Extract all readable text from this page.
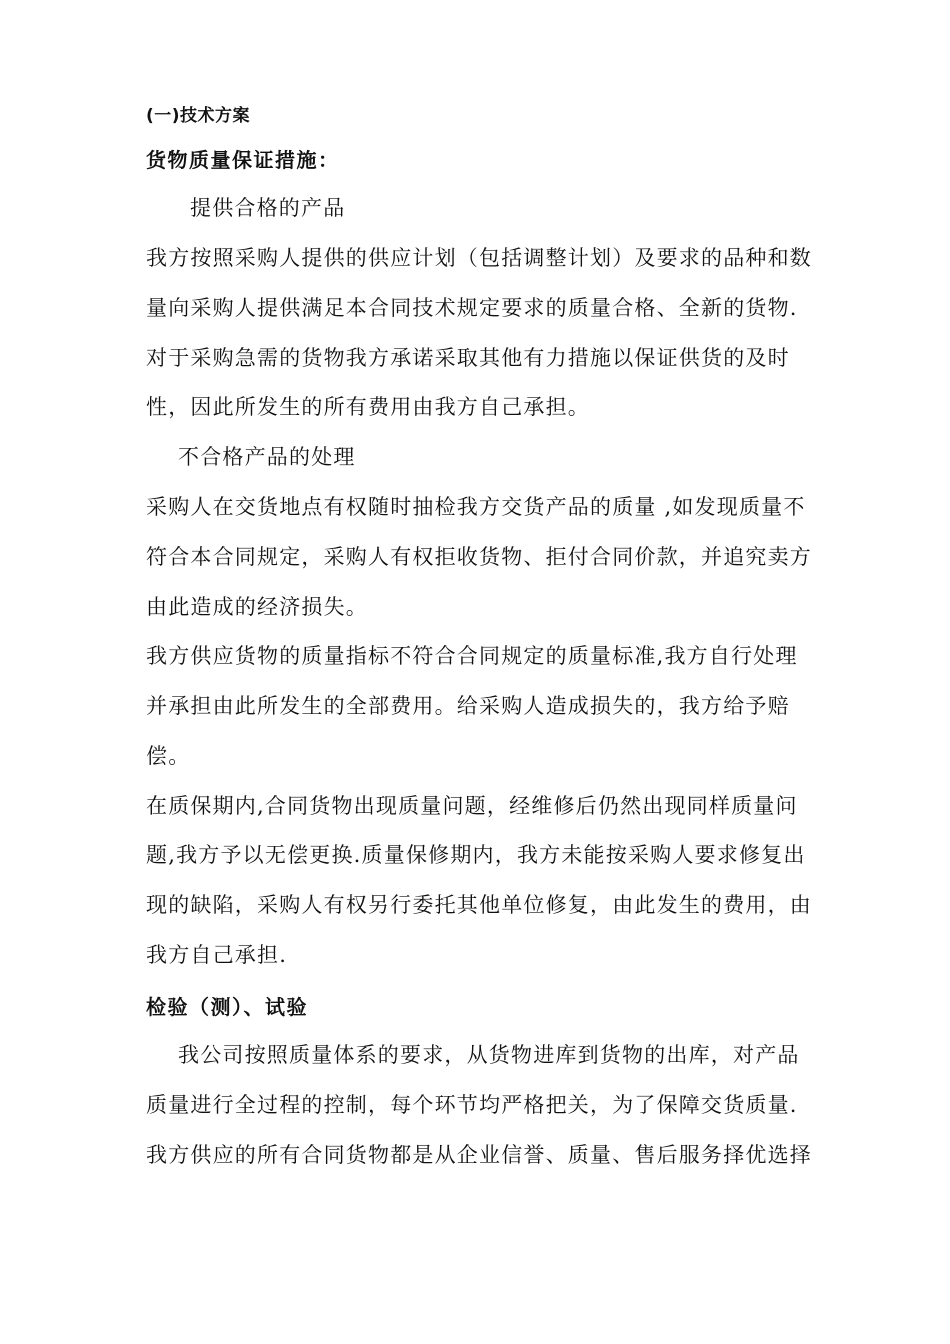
(一)技术方案
货物质量保证措施：
提供合格的产品
我方按照采购人提供的供应计划（包括调整计划）及要求的品种和数
量向采购人提供满足本合同技术规定要求的质量合格、全新的货物.
对于采购急需的货物我方承诺采取其他有力措施以保证供货的及时
性，因此所发生的所有费用由我方自己承担。
不合格产品的处理
采购人在交货地点有权随时抽检我方交货产品的质量 ,如发现质量不
符合本合同规定，采购人有权拒收货物、拒付合同价款，并追究卖方
由此造成的经济损失。
我方供应货物的质量指标不符合合同规定的质量标准,我方自行处理
并承担由此所发生的全部费用。给采购人造成损失的，我方给予赔
偿。
在质保期内,合同货物出现质量问题，经维修后仍然出现同样质量问
题,我方予以无偿更换.质量保修期内，我方未能按采购人要求修复出
现的缺陷，采购人有权另行委托其他单位修复，由此发生的费用，由
我方自己承担.
检验（测）、试验
我公司按照质量体系的要求，从货物进库到货物的出库，对产品
质量进行全过程的控制，每个环节均严格把关，为了保障交货质量.
我方供应的所有合同货物都是从企业信誉、质量、售后服务择优选择
